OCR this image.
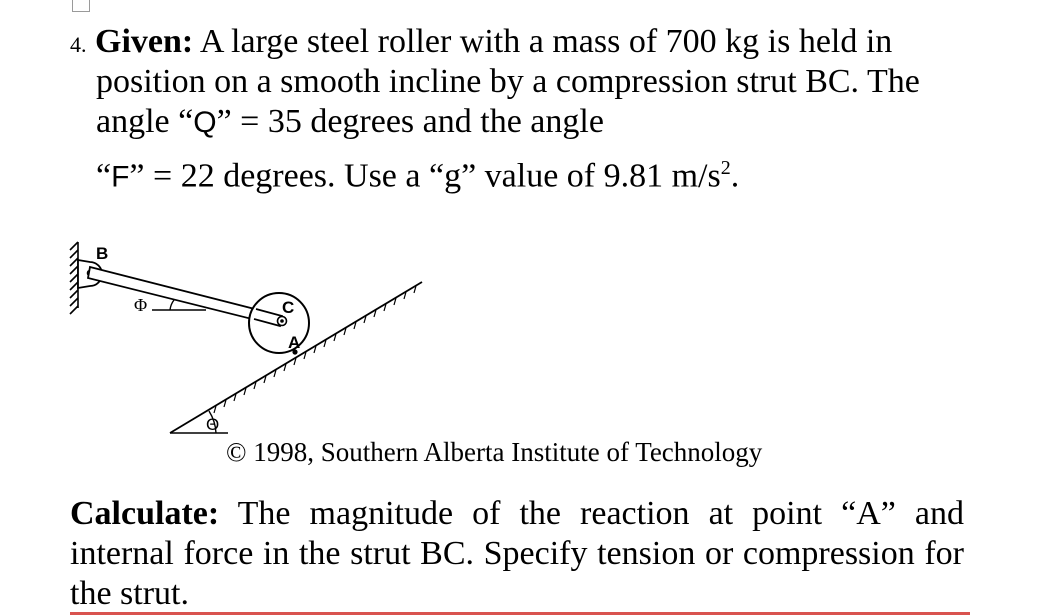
4. Given: A large steel roller with a mass of 700 kg is held in
position on a smooth incline by a compression strut BC. The
angle “Q” = 35 degrees and the angle
“F” = 22 degrees. Use a “g” value of 9.81 $m/s^2$.
B
C
A
Φ
Θ
© 1998, Southern Alberta Institute of Technology
Calculate: The magnitude of the reaction at point “A” and internal force in the strut BC. Specify tension or compression for the strut.
